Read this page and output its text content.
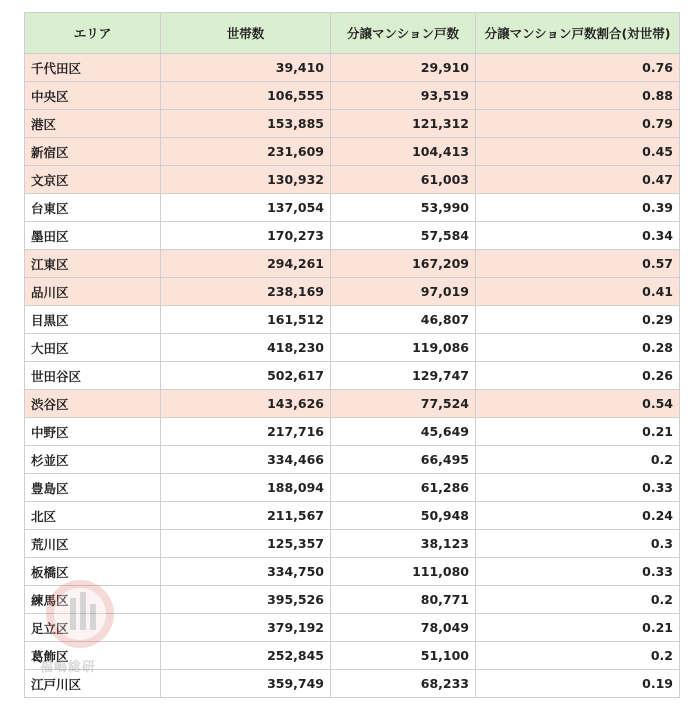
エリア	世帯数	分譲マンション戸数	分譲マンション戸数割合(対世帯)
千代田区	39,410	29,910	0.76
中央区	106,555	93,519	0.88
港区	153,885	121,312	0.79
新宿区	231,609	104,413	0.45
文京区	130,932	61,003	0.47
台東区	137,054	53,990	0.39
墨田区	170,273	57,584	0.34
江東区	294,261	167,209	0.57
品川区	238,169	97,019	0.41
目黒区	161,512	46,807	0.29
大田区	418,230	119,086	0.28
世田谷区	502,617	129,747	0.26
渋谷区	143,626	77,524	0.54
中野区	217,716	45,649	0.21
杉並区	334,466	66,495	0.2
豊島区	188,094	61,286	0.33
北区	211,567	50,948	0.24
荒川区	125,357	38,123	0.3
板橋区	334,750	111,080	0.33
練馬区	395,526	80,771	0.2
足立区	379,192	78,049	0.21
葛飾区	252,845	51,100	0.2
江戸川区	359,749	68,233	0.19
福嶋総研
